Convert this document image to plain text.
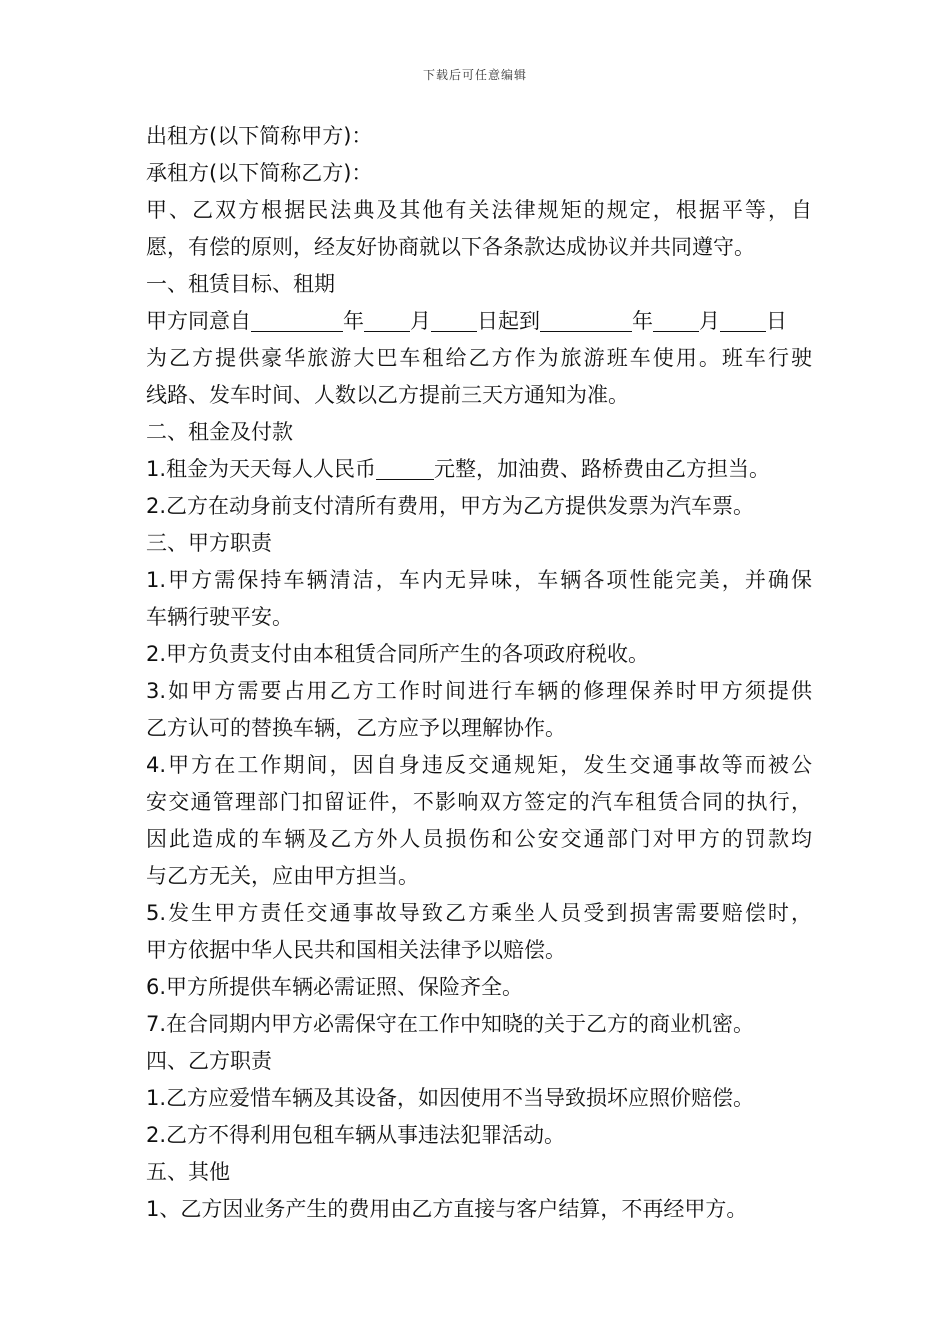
下载后可任意编辑
出租方(以下简称甲方)：
承租方(以下简称乙方)：
甲、乙双方根据民法典及其他有关法律规矩的规定，根据平等，自
愿，有偿的原则，经友好协商就以下各条款达成协议并共同遵守。
一、租赁目标、租期
甲方同意自	年 月 日起到	年 月 日
为乙方提供豪华旅游大巴车租给乙方作为旅游班车使用。班车行驶
线路、发车时间、人数以乙方提前三天方通知为准。
二、租金及付款
1.租金为天天每人人民币	元整，加油费、路桥费由乙方担当。
2.乙方在动身前支付清所有费用，甲方为乙方提供发票为汽车票。
三、甲方职责
1.甲方需保持车辆清洁，车内无异味，车辆各项性能完美，并确保
车辆行驶平安。
2.甲方负责支付由本租赁合同所产生的各项政府税收。
3.如甲方需要占用乙方工作时间进行车辆的修理保养时甲方须提供
乙方认可的替换车辆，乙方应予以理解协作。
4.甲方在工作期间，因自身违反交通规矩，发生交通事故等而被公
安交通管理部门扣留证件，不影响双方签定的汽车租赁合同的执行，
因此造成的车辆及乙方外人员损伤和公安交通部门对甲方的罚款均
与乙方无关，应由甲方担当。
5.发生甲方责任交通事故导致乙方乘坐人员受到损害需要赔偿时，
甲方依据中华人民共和国相关法律予以赔偿。
6.甲方所提供车辆必需证照、保险齐全。
7.在合同期内甲方必需保守在工作中知晓的关于乙方的商业机密。
四、乙方职责
1.乙方应爱惜车辆及其设备，如因使用不当导致损坏应照价赔偿。
2.乙方不得利用包租车辆从事违法犯罪活动。
五、其他
1、乙方因业务产生的费用由乙方直接与客户结算，不再经甲方。
